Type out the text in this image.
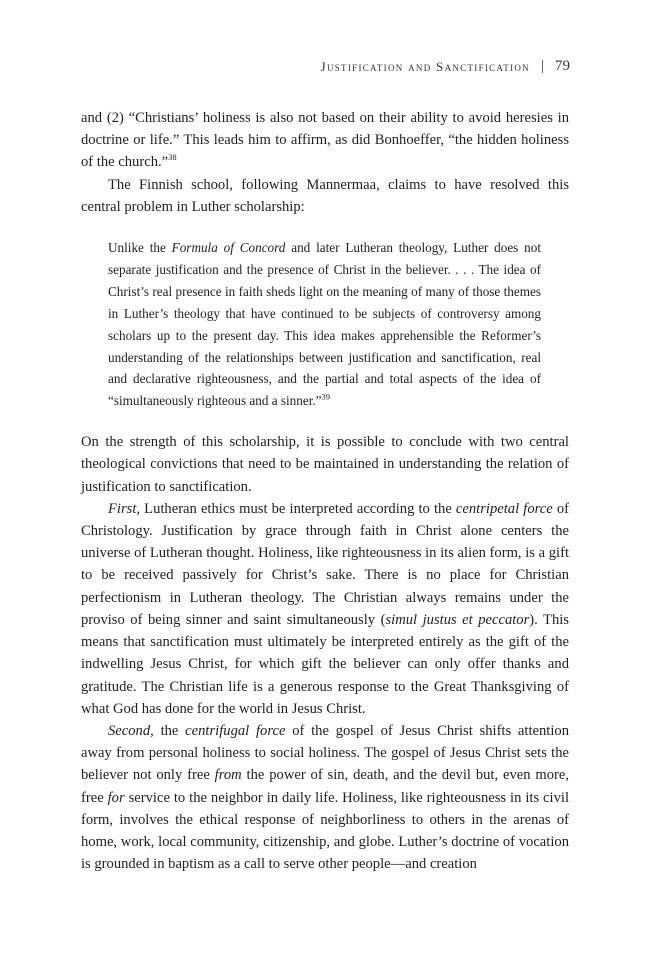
Justification and Sanctification | 79

and (2) “Christians’ holiness is also not based on their ability to avoid heresies in doctrine or life.” This leads him to affirm, as did Bonhoeffer, “the hidden holiness of the church.”$^{38}$

The Finnish school, following Mannermaa, claims to have resolved this central problem in Luther scholarship:

Unlike the Formula of Concord and later Lutheran theology, Luther does not separate justification and the presence of Christ in the believer. . . . The idea of Christ’s real presence in faith sheds light on the meaning of many of those themes in Luther’s theology that have continued to be subjects of controversy among scholars up to the present day. This idea makes apprehensible the Reformer’s understanding of the relationships between justification and sanctification, real and declarative righteousness, and the partial and total aspects of the idea of “simultaneously righteous and a sinner.”$^{39}$

On the strength of this scholarship, it is possible to conclude with two central theological convictions that need to be maintained in understanding the relation of justification to sanctification.

First, Lutheran ethics must be interpreted according to the centripetal force of Christology. Justification by grace through faith in Christ alone centers the universe of Lutheran thought. Holiness, like righteousness in its alien form, is a gift to be received passively for Christ’s sake. There is no place for Christian perfectionism in Lutheran theology. The Christian always remains under the proviso of being sinner and saint simultaneously (simul justus et peccator). This means that sanctification must ultimately be interpreted entirely as the gift of the indwelling Jesus Christ, for which gift the believer can only offer thanks and gratitude. The Christian life is a generous response to the Great Thanksgiving of what God has done for the world in Jesus Christ.

Second, the centrifugal force of the gospel of Jesus Christ shifts attention away from personal holiness to social holiness. The gospel of Jesus Christ sets the believer not only free from the power of sin, death, and the devil but, even more, free for service to the neighbor in daily life. Holiness, like righteousness in its civil form, involves the ethical response of neighborliness to others in the arenas of home, work, local community, citizenship, and globe. Luther’s doctrine of vocation is grounded in baptism as a call to serve other people—and creation
